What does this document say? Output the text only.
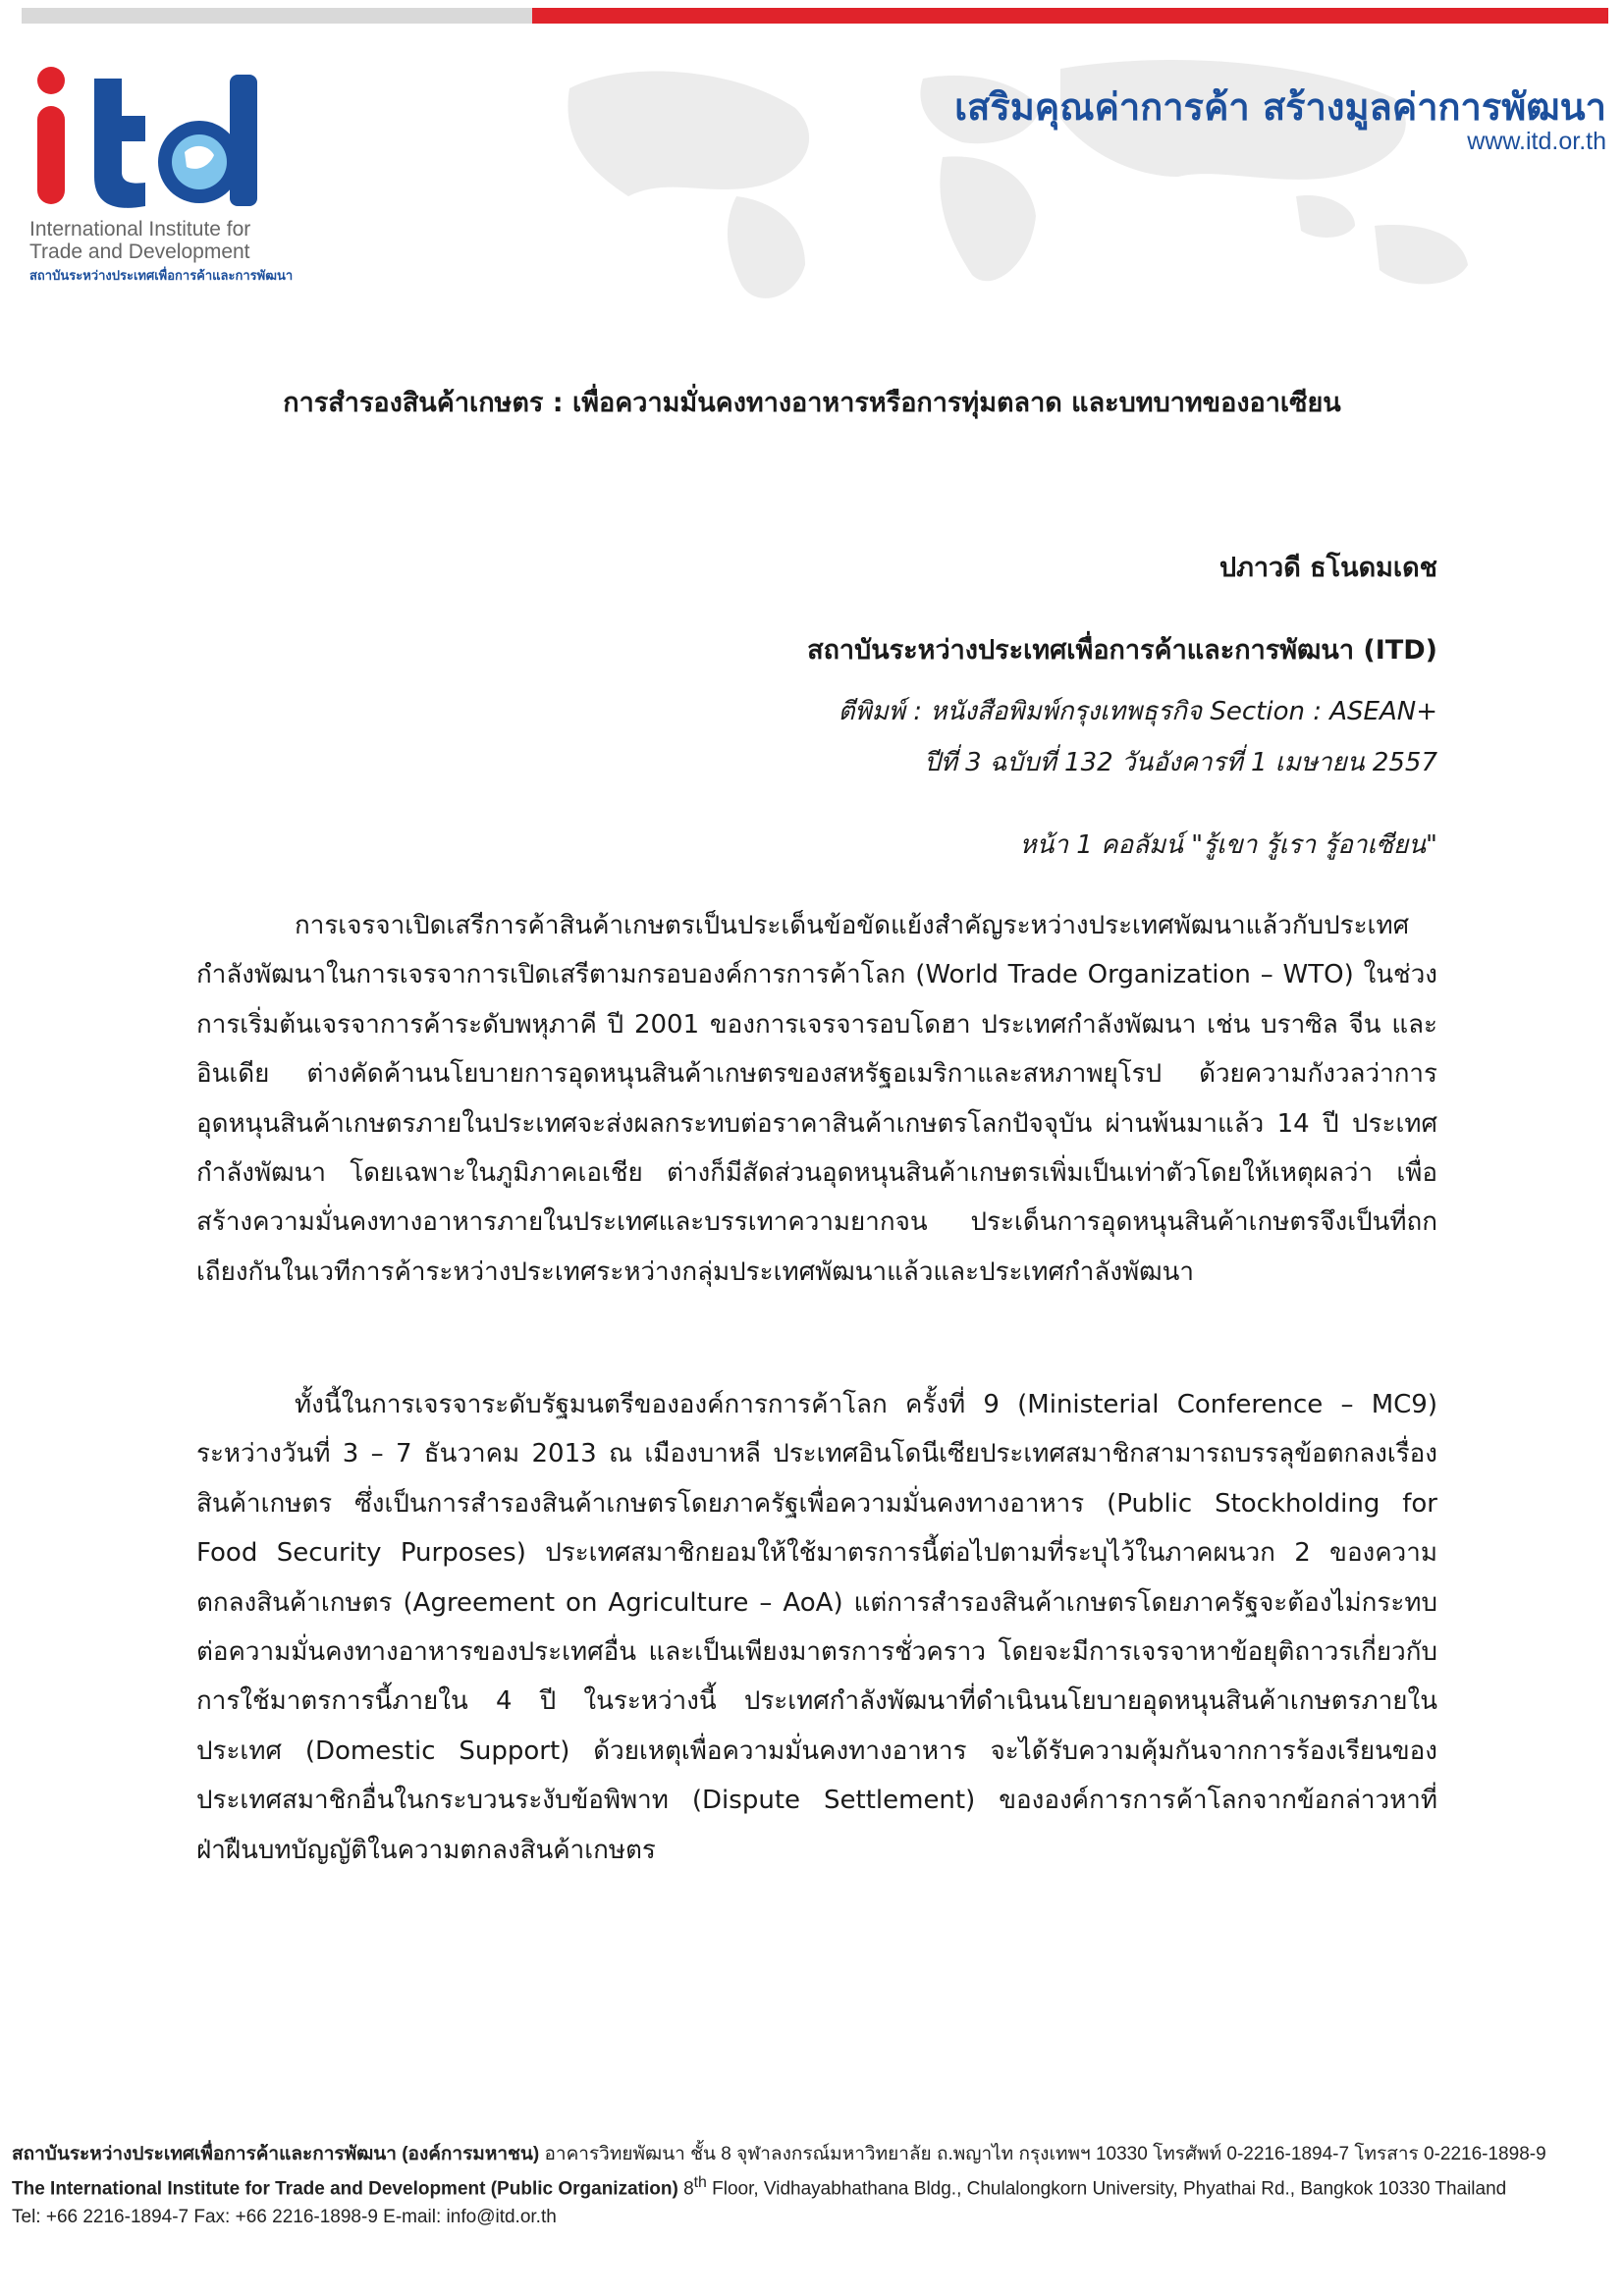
International Institute for
Trade and Development
สถาบันระหว่างประเทศเพื่อการค้าและการพัฒนา
เสริมคุณค่าการค้า สร้างมูลค่าการพัฒนา
www.itd.or.th
การสำรองสินค้าเกษตร : เพื่อความมั่นคงทางอาหารหรือการทุ่มตลาด และบทบาทของอาเซียน
ปภาวดี ธโนดมเดช
สถาบันระหว่างประเทศเพื่อการค้าและการพัฒนา (ITD)
ตีพิมพ์ : หนังสือพิมพ์กรุงเทพธุรกิจ Section : ASEAN+
ปีที่ 3 ฉบับที่ 132 วันอังคารที่ 1 เมษายน 2557
หน้า 1 คอลัมน์ "รู้เขา รู้เรา รู้อาเซียน"
การเจรจาเปิดเสรีการค้าสินค้าเกษตรเป็นประเด็นข้อขัดแย้งสำคัญระหว่างประเทศพัฒนาแล้วกับประเทศกำลังพัฒนาในการเจรจาการเปิดเสรีตามกรอบองค์การการค้าโลก (World Trade Organization – WTO) ในช่วงการเริ่มต้นเจรจาการค้าระดับพหุภาคี ปี 2001 ของการเจรจารอบโดฮา ประเทศกำลังพัฒนา เช่น บราซิล จีน และอินเดีย ต่างคัดค้านนโยบายการอุดหนุนสินค้าเกษตรของสหรัฐอเมริกาและสหภาพยุโรป ด้วยความกังวลว่าการอุดหนุนสินค้าเกษตรภายในประเทศจะส่งผลกระทบต่อราคาสินค้าเกษตรโลกปัจจุบัน ผ่านพ้นมาแล้ว 14 ปี ประเทศกำลังพัฒนา โดยเฉพาะในภูมิภาคเอเชีย ต่างก็มีสัดส่วนอุดหนุนสินค้าเกษตรเพิ่มเป็นเท่าตัวโดยให้เหตุผลว่า เพื่อสร้างความมั่นคงทางอาหารภายในประเทศและบรรเทาความยากจน ประเด็นการอุดหนุนสินค้าเกษตรจึงเป็นที่ถกเถียงกันในเวทีการค้าระหว่างประเทศระหว่างกลุ่มประเทศพัฒนาแล้วและประเทศกำลังพัฒนา
ทั้งนี้ในการเจรจาระดับรัฐมนตรีขององค์การการค้าโลก ครั้งที่ 9 (Ministerial Conference – MC9) ระหว่างวันที่ 3 – 7 ธันวาคม 2013 ณ เมืองบาหลี ประเทศอินโดนีเซียประเทศสมาชิกสามารถบรรลุข้อตกลงเรื่องสินค้าเกษตร ซึ่งเป็นการสำรองสินค้าเกษตรโดยภาครัฐเพื่อความมั่นคงทางอาหาร (Public Stockholding for Food Security Purposes) ประเทศสมาชิกยอมให้ใช้มาตรการนี้ต่อไปตามที่ระบุไว้ในภาคผนวก 2 ของความตกลงสินค้าเกษตร (Agreement on Agriculture – AoA) แต่การสำรองสินค้าเกษตรโดยภาครัฐจะต้องไม่กระทบต่อความมั่นคงทางอาหารของประเทศอื่น และเป็นเพียงมาตรการชั่วคราว โดยจะมีการเจรจาหาข้อยุติถาวรเกี่ยวกับการใช้มาตรการนี้ภายใน 4 ปี ในระหว่างนี้ ประเทศกำลังพัฒนาที่ดำเนินนโยบายอุดหนุนสินค้าเกษตรภายในประเทศ (Domestic Support) ด้วยเหตุเพื่อความมั่นคงทางอาหาร จะได้รับความคุ้มกันจากการร้องเรียนของประเทศสมาชิกอื่นในกระบวนระงับข้อพิพาท (Dispute Settlement) ขององค์การการค้าโลกจากข้อกล่าวหาที่ฝ่าฝืนบทบัญญัติในความตกลงสินค้าเกษตร
สถาบันระหว่างประเทศเพื่อการค้าและการพัฒนา (องค์การมหาชน) อาคารวิทยพัฒนา ชั้น 8 จุฬาลงกรณ์มหาวิทยาลัย ถ.พญาไท กรุงเทพฯ 10330 โทรศัพท์ 0-2216-1894-7 โทรสาร 0-2216-1898-9
The International Institute for Trade and Development (Public Organization) 8th Floor, Vidhayabhathana Bldg., Chulalongkorn University, Phyathai Rd., Bangkok 10330 Thailand
Tel: +66 2216-1894-7 Fax: +66 2216-1898-9 E-mail: info@itd.or.th
